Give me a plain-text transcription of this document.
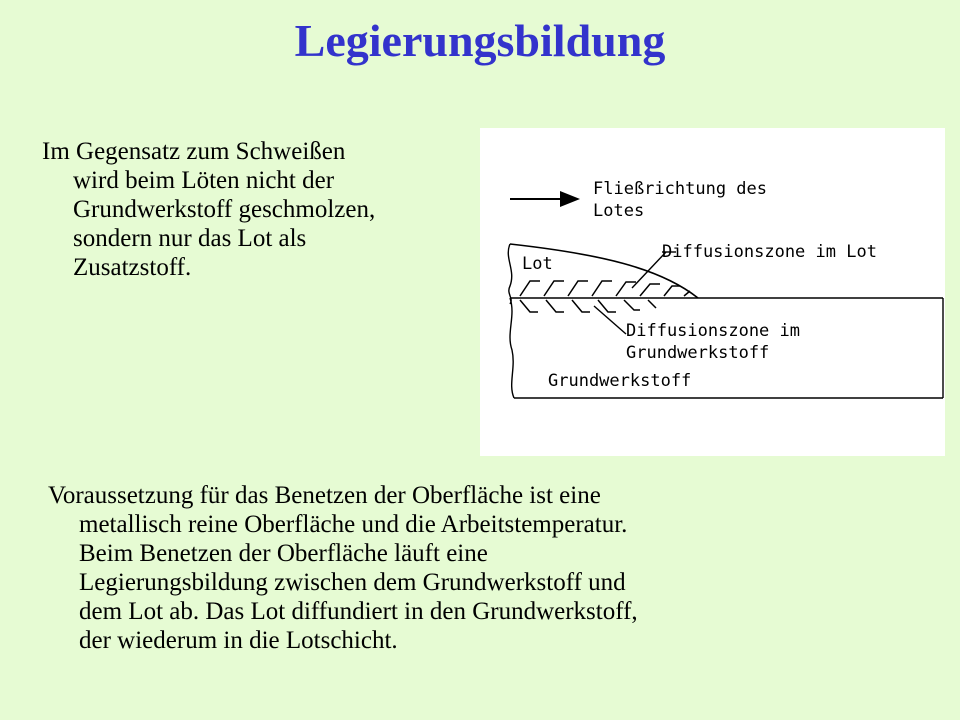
Legierungsbildung

Im Gegensatz zum Schweißen
wird beim Löten nicht der
Grundwerkstoff geschmolzen,
sondern nur das Lot als
Zusatzstoff.

Fließrichtung des
Lotes
Lot
Diffusionszone im Lot
Diffusionszone im
Grundwerkstoff
Grundwerkstoff

Voraussetzung für das Benetzen der Oberfläche ist eine
metallisch reine Oberfläche und die Arbeitstemperatur.
Beim Benetzen der Oberfläche läuft eine
Legierungsbildung zwischen dem Grundwerkstoff und
dem Lot ab. Das Lot diffundiert in den Grundwerkstoff,
der wiederum in die Lotschicht.
